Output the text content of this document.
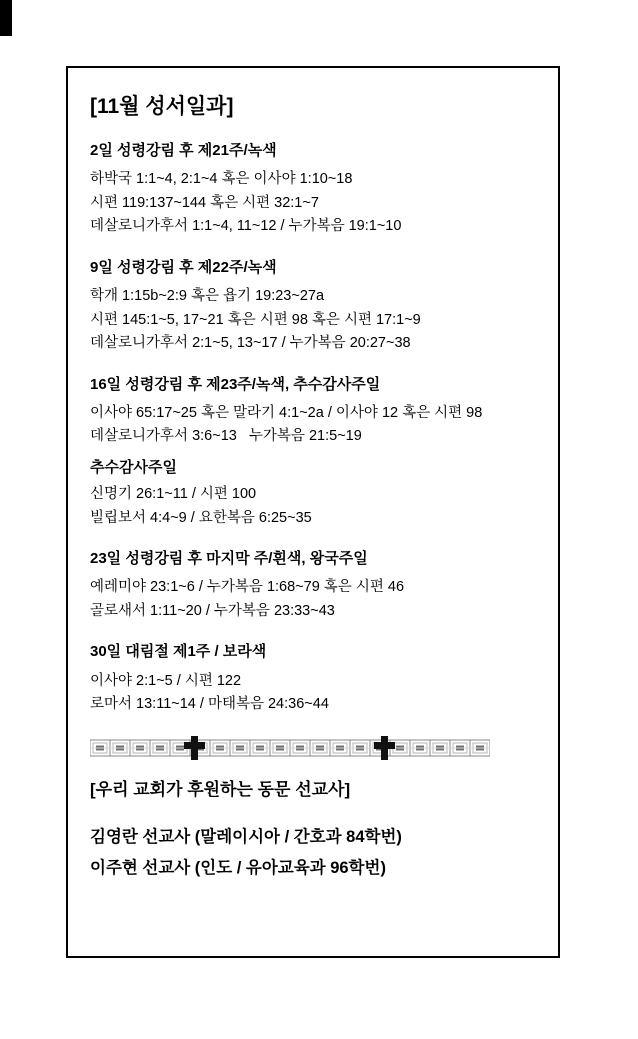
[11월 성서일과]
2일 성령강림 후 제21주/녹색
하박국 1:1~4, 2:1~4 혹은 이사야 1:10~18
시편 119:137~144 혹은 시편 32:1~7
데살로니가후서 1:1~4, 11~12 / 누가복음 19:1~10
9일 성령강림 후 제22주/녹색
학개 1:15b~2:9 혹은 욥기 19:23~27a
시편 145:1~5, 17~21 혹은 시편 98 혹은 시편 17:1~9
데살로니가후서 2:1~5, 13~17 / 누가복음 20:27~38
16일 성령강림 후 제23주/녹색, 추수감사주일
이사야 65:17~25 혹은 말라기 4:1~2a / 이사야 12 혹은 시편 98
데살로니가후서 3:6~13   누가복음 21:5~19
추수감사주일
신명기 26:1~11 / 시편 100
빌립보서 4:4~9 / 요한복음 6:25~35
23일 성령강림 후 마지막 주/흰색, 왕국주일
예레미야 23:1~6 / 누가복음 1:68~79 혹은 시편 46
골로새서 1:11~20 / 누가복음 23:33~43
30일 대림절 제1주 / 보라색
이사야 2:1~5 / 시편 122
로마서 13:11~14 / 마태복음 24:36~44
[우리 교회가 후원하는 동문 선교사]
김영란 선교사 (말레이시아 / 간호과 84학번)
이주현 선교사 (인도 / 유아교육과 96학번)
